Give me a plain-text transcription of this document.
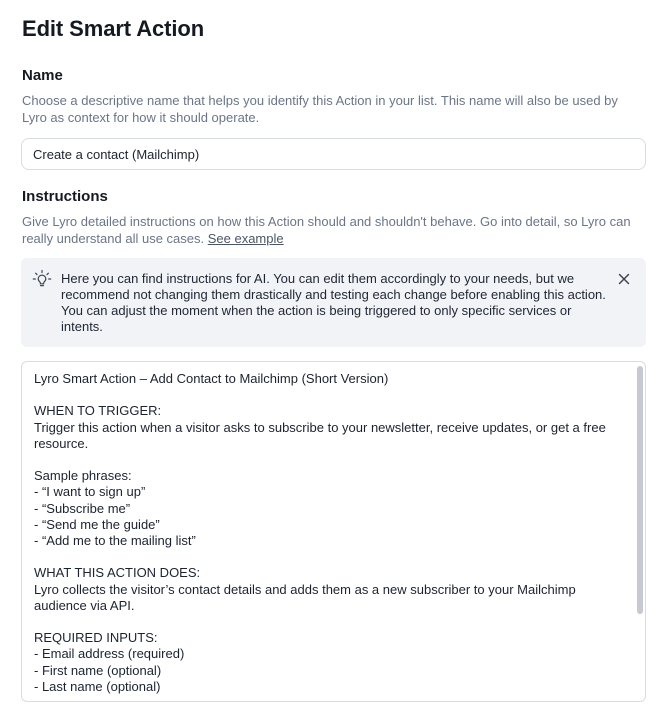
Edit Smart Action
Name
Choose a descriptive name that helps you identify this Action in your list. This name will also be used by Lyro as context for how it should operate.
Create a contact (Mailchimp)
Instructions
Give Lyro detailed instructions on how this Action should and shouldn't behave. Go into detail, so Lyro can really understand all use cases. See example
Here you can find instructions for AI. You can edit them accordingly to your needs, but we recommend not changing them drastically and testing each change before enabling this action. You can adjust the moment when the action is being triggered to only specific services or intents.
Lyro Smart Action – Add Contact to Mailchimp (Short Version)

WHEN TO TRIGGER:
Trigger this action when a visitor asks to subscribe to your newsletter, receive updates, or get a free resource.

Sample phrases:
- “I want to sign up”
- “Subscribe me”
- “Send me the guide”
- “Add me to the mailing list”

WHAT THIS ACTION DOES:
Lyro collects the visitor’s contact details and adds them as a new subscriber to your Mailchimp audience via API.

REQUIRED INPUTS:
- Email address (required)
- First name (optional)
- Last name (optional)
